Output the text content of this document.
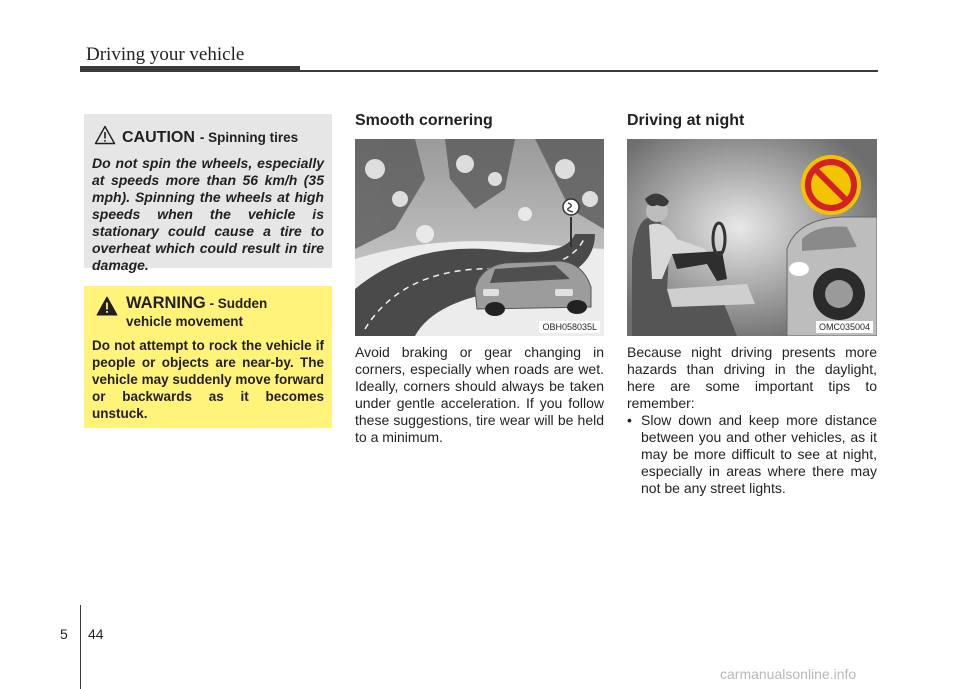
Driving your vehicle
CAUTION - Spinning tires
Do not spin the wheels, especially at speeds more than 56 km/h (35 mph). Spinning the wheels at high speeds when the vehicle is stationary could cause a tire to overheat which could result in tire damage.
WARNING - Sudden
vehicle movement
Do not attempt to rock the vehicle if people or objects are near-by. The vehicle may suddenly move forward or backwards as it becomes unstuck.
Smooth cornering
OBH058035L
Avoid braking or gear changing in corners, especially when roads are wet. Ideally, corners should always be taken under gentle acceleration. If you follow these suggestions, tire wear will be held to a minimum.
Driving at night
OMC035004
Because night driving presents more hazards than driving in the daylight, here are some important tips to remember:
• Slow down and keep more distance between you and other vehicles, as it may be more difficult to see at night, especially in areas where there may not be any street lights.
5 44
carmanualsonline.info
